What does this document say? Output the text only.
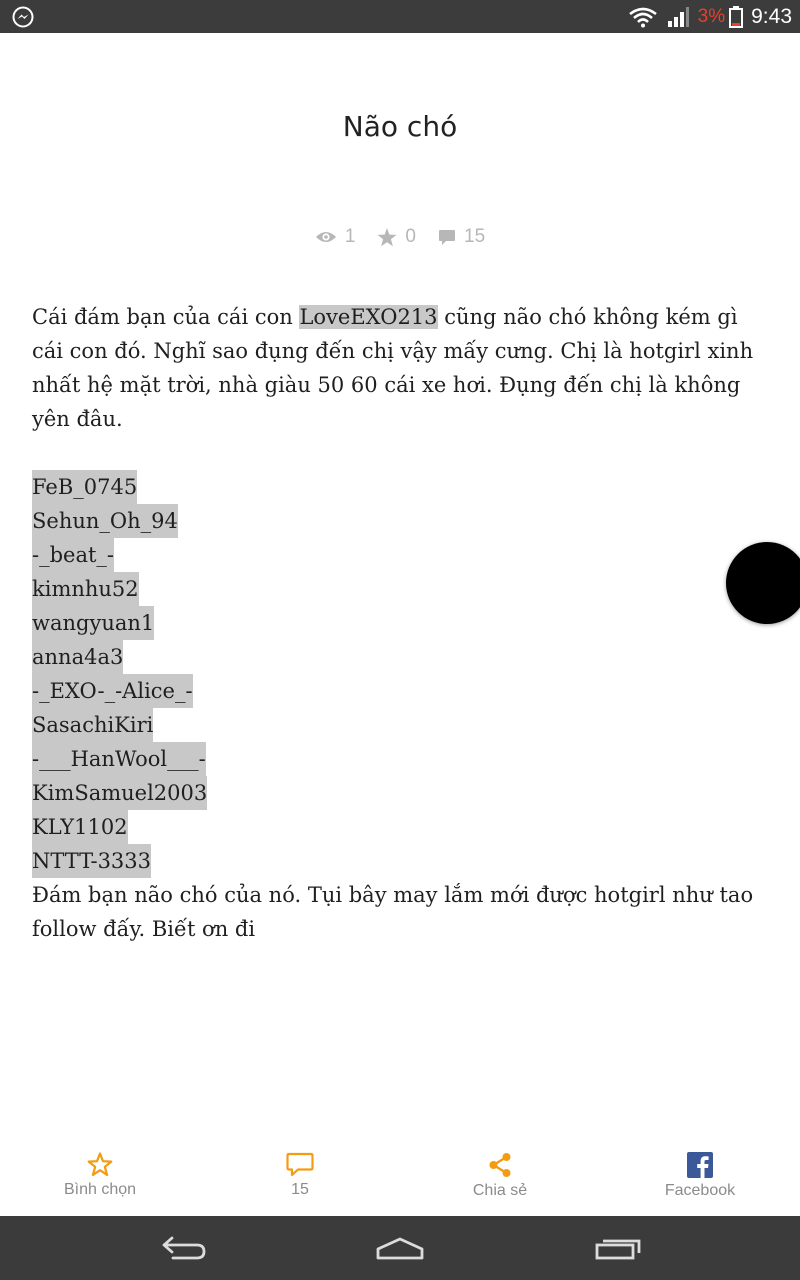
3% 9:43
Não chó
1	0	15

Cái đám bạn của cái con LoveEXO213 cũng não chó không kém gì cái con đó. Nghĩ sao đụng đến chị vậy mấy cưng. Chị là hotgirl xinh nhất hệ mặt trời, nhà giàu 50 60 cái xe hơi. Đụng đến chị là không yên đâu.

FeB_0745
Sehun_Oh_94
-_beat_-
kimnhu52
wangyuan1
anna4a3
-_EXO-_-Alice_-
SasachiKiri
-___HanWool___-
KimSamuel2003
KLY1102
NTTT-3333

Đám bạn não chó của nó. Tụi bây may lắm mới được hotgirl như tao follow đấy. Biết ơn đi

Bình chọn	15	Chia sẻ	Facebook
